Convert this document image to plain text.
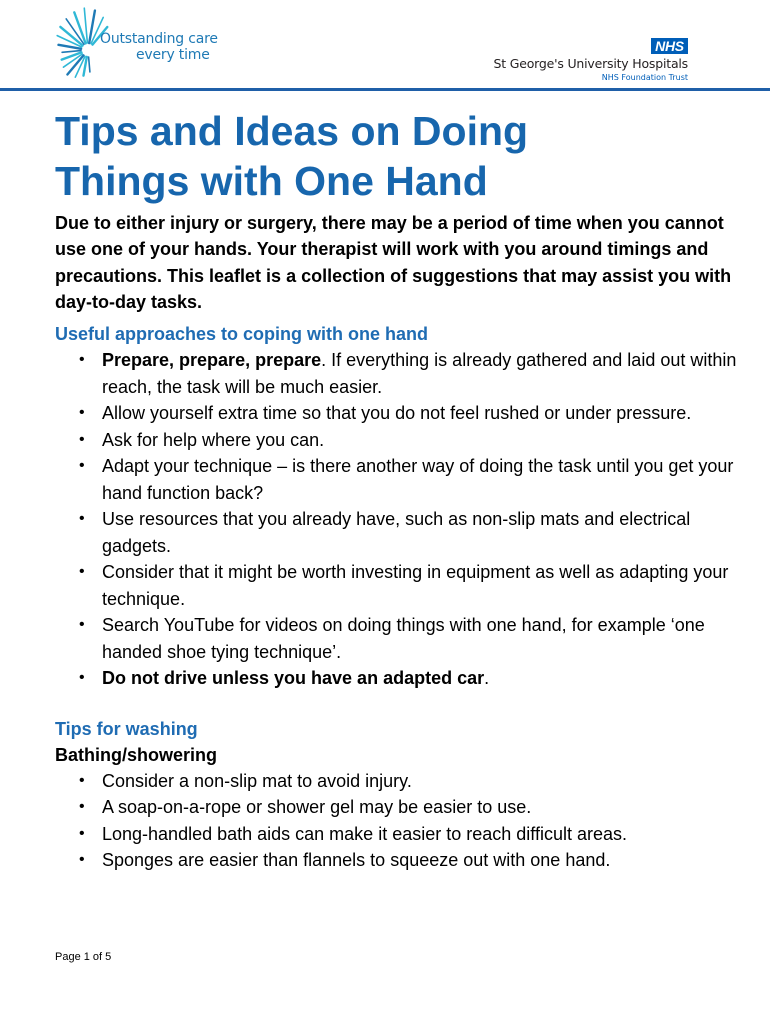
Outstanding care
every time
NHS
St George's University Hospitals
NHS Foundation Trust
Tips and Ideas on Doing
Things with One Hand

Due to either injury or surgery, there may be a period of time when you cannot use one of your hands. Your therapist will work with you around timings and precautions. This leaflet is a collection of suggestions that may assist you with day-to-day tasks.

Useful approaches to coping with one hand
• Prepare, prepare, prepare. If everything is already gathered and laid out within reach, the task will be much easier.
• Allow yourself extra time so that you do not feel rushed or under pressure.
• Ask for help where you can.
• Adapt your technique – is there another way of doing the task until you get your hand function back?
• Use resources that you already have, such as non-slip mats and electrical gadgets.
• Consider that it might be worth investing in equipment as well as adapting your technique.
• Search YouTube for videos on doing things with one hand, for example ‘one handed shoe tying technique’.
• Do not drive unless you have an adapted car.
Tips for washing
Bathing/showering
• Consider a non-slip mat to avoid injury.
• A soap-on-a-rope or shower gel may be easier to use.
• Long-handled bath aids can make it easier to reach difficult areas.
• Sponges are easier than flannels to squeeze out with one hand.
Page 1 of 5
